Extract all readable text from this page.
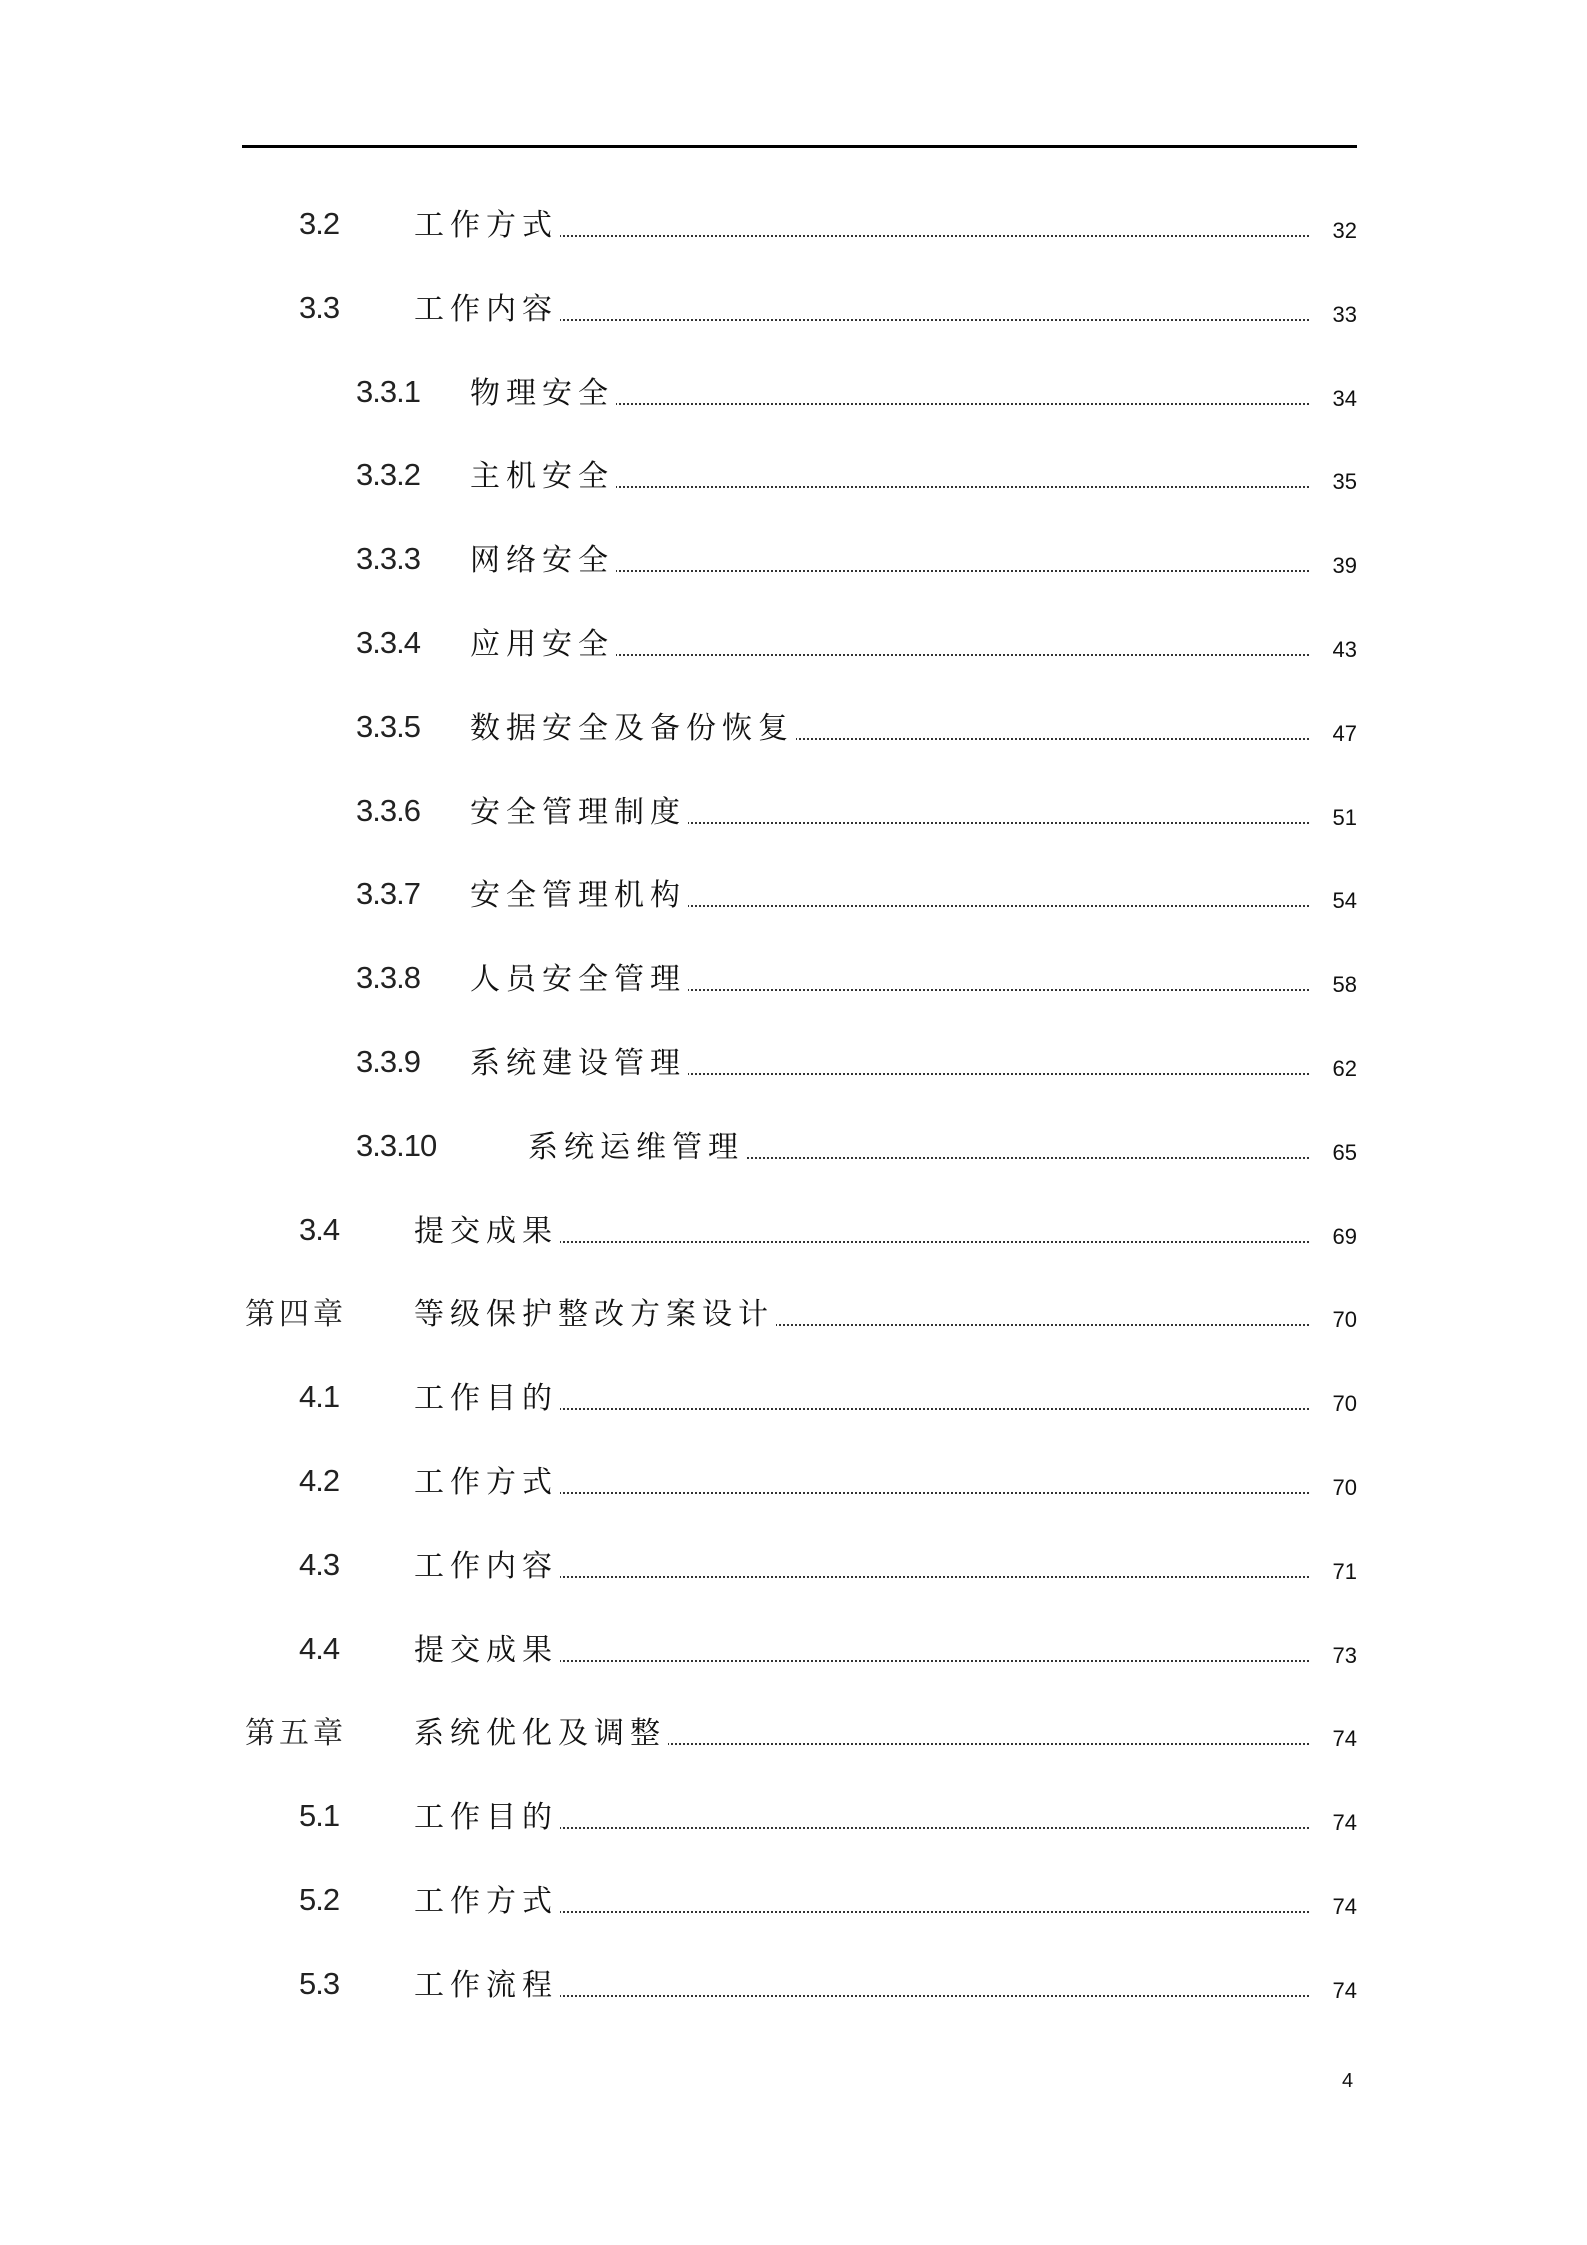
3.2 工作方式	32
3.3 工作内容	33
3.3.1 物理安全	34
3.3.2 主机安全	35
3.3.3 网络安全	39
3.3.4 应用安全	43
3.3.5 数据安全及备份恢复	47
3.3.6 安全管理制度	51
3.3.7 安全管理机构	54
3.3.8 人员安全管理	58
3.3.9 系统建设管理	62
3.3.10	系统运维管理	65
3.4 提交成果	69
第四章 等级保护整改方案设计	70
4.1 工作目的	70
4.2 工作方式	70
4.3 工作内容	71
4.4 提交成果	73
第五章 系统优化及调整	74
5.1 工作目的	74
5.2 工作方式	74
5.3 工作流程	74
4
